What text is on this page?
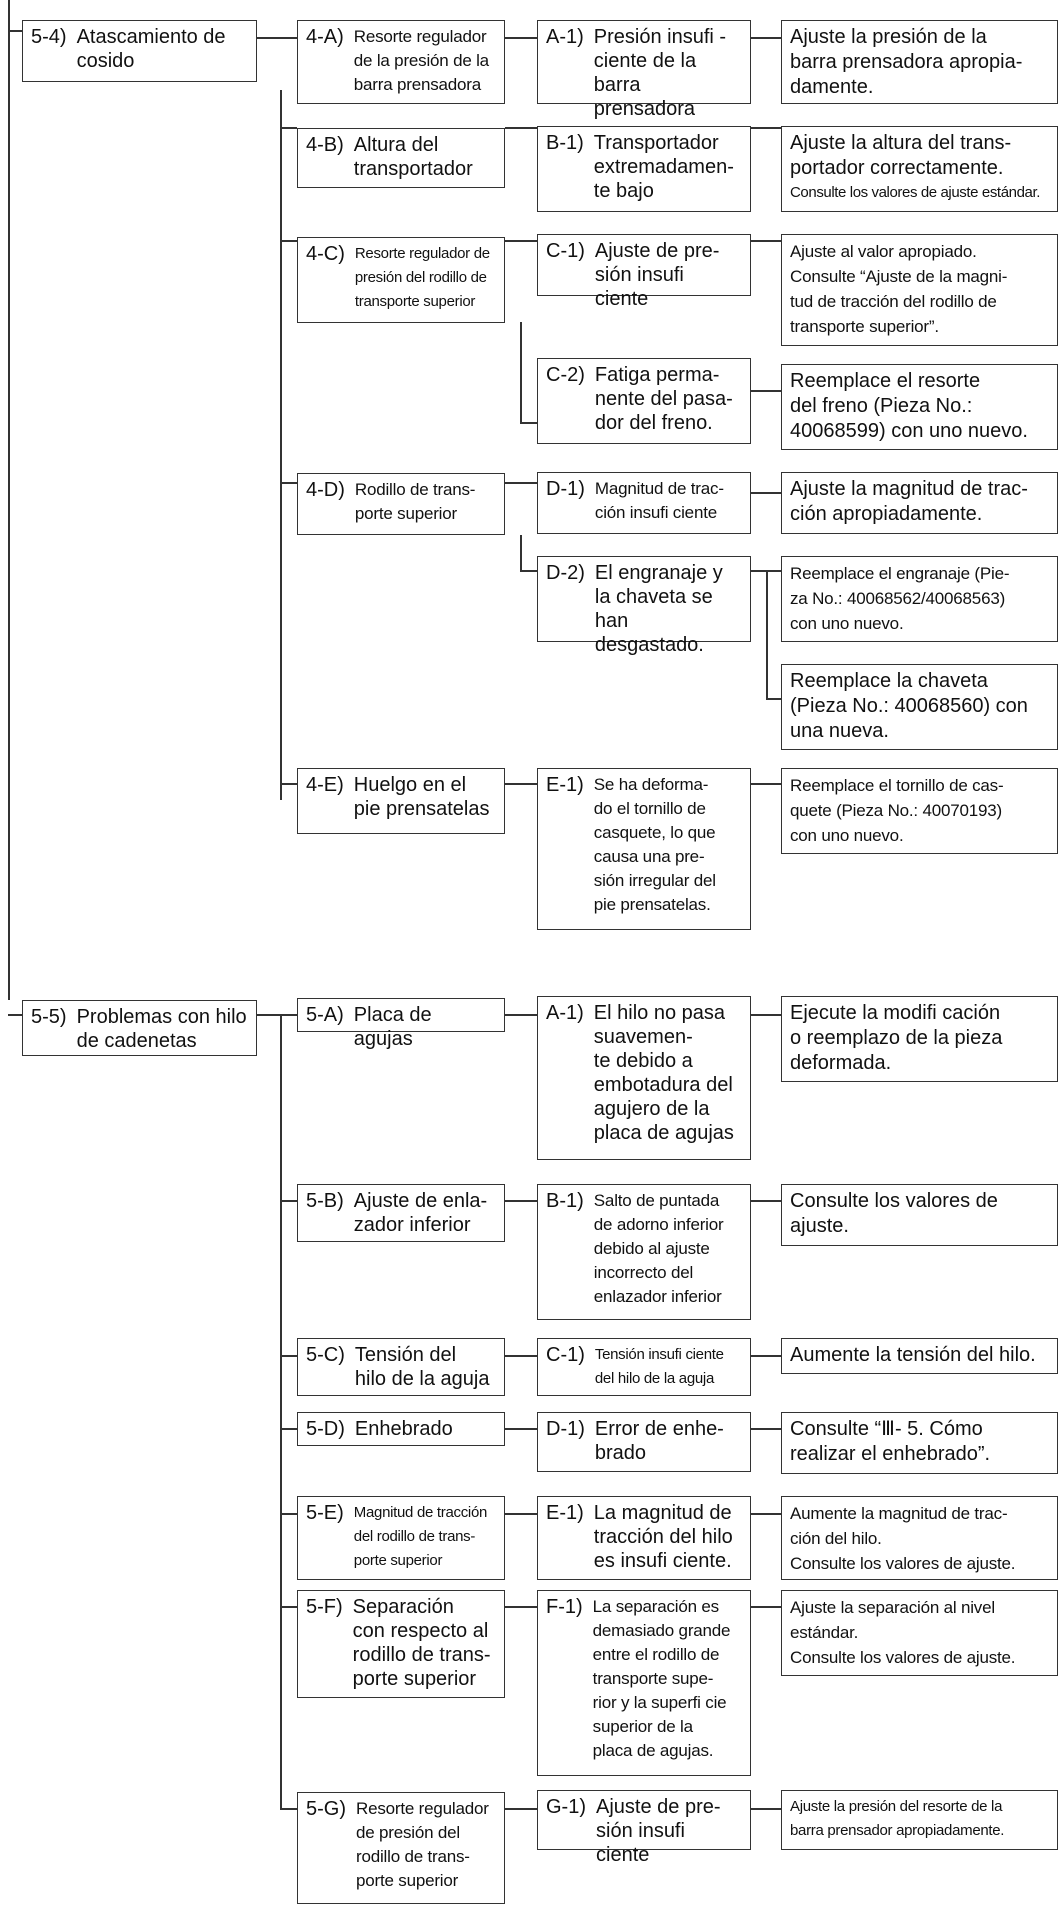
5-4) Atascamiento de cosido
5-5) Problemas con hilo de cadenetas
4-A) Resorte regulador
de la presión de la
barra prensadora
4-B) Altura del
transportador
4-C) Resorte regulador de
presión del rodillo de
transporte superior
4-D) Rodillo de trans-
porte superior
4-E) Huelgo en el
pie prensatelas
A-1) Presión insufi -
ciente de la barra
prensadora
B-1) Transportador
extremadamen-
te bajo
C-1) Ajuste de pre-
sión insufi ciente
C-2) Fatiga perma-
nente del pasa-
dor del freno.
D-1) Magnitud de trac-
ción insufi ciente
D-2) El engranaje y
la chaveta se
han desgastado.
E-1) Se ha deforma-
do el tornillo de
casquete, lo que
causa una pre-
sión irregular del
pie prensatelas.
Ajuste la presión de la
barra prensadora apropia-
damente.
Ajuste la altura del trans-
portador correctamente.
Consulte los valores de ajuste estándar.
Ajuste al valor apropiado.
Consulte “Ajuste de la magni-
tud de tracción del rodillo de
transporte superior”.
Reemplace el resorte
del freno (Pieza No.:
40068599) con uno nuevo.
Ajuste la magnitud de trac-
ción apropiadamente.
Reemplace el engranaje (Pie-
za No.: 40068562/40068563)
con uno nuevo.
Reemplace la chaveta
(Pieza No.: 40068560) con
una nueva.
Reemplace el tornillo de cas-
quete (Pieza No.: 40070193)
con uno nuevo.
5-A) Placa de agujas
5-B) Ajuste de enla-
zador inferior
5-C) Tensión del
hilo de la aguja
5-D) Enhebrado
5-E) Magnitud de tracción
del rodillo de trans-
porte superior
5-F) Separación
con respecto al
rodillo de trans-
porte superior
5-G) Resorte regulador
de presión del
rodillo de trans-
porte superior
A-1) El hilo no pasa
suavemen-
te debido a
embotadura del
agujero de la
placa de agujas
B-1) Salto de puntada
de adorno inferior
debido al ajuste
incorrecto del
enlazador inferior
C-1) Tensión insufi ciente
del hilo de la aguja
D-1) Error de enhe-
brado
E-1) La magnitud de
tracción del hilo
es insufi ciente.
F-1) La separación es
demasiado grande
entre el rodillo de
transporte supe-
rior y la superfi cie
superior de la
placa de agujas.
G-1) Ajuste de pre-
sión insufi ciente
Ejecute la modifi cación
o reemplazo de la pieza
deformada.
Consulte los valores de
ajuste.
Aumente la tensión del hilo.
Consulte “Ⅲ- 5. Cómo
realizar el enhebrado”.
Aumente la magnitud de trac-
ción del hilo.
Consulte los valores de ajuste.
Ajuste la separación al nivel
estándar.
Consulte los valores de ajuste.
Ajuste la presión del resorte de la
barra prensador apropiadamente.
